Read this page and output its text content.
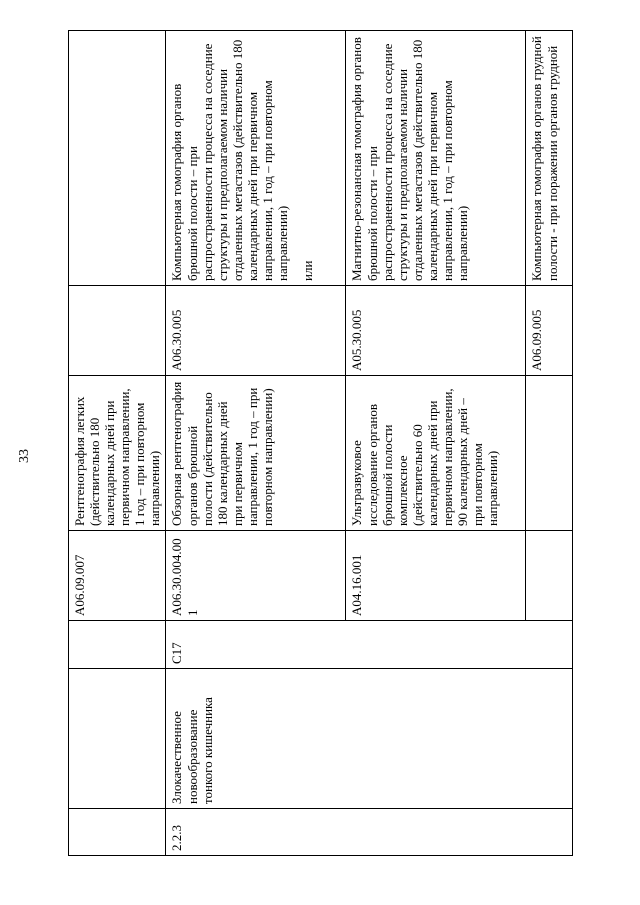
33
			A06.09.007	Рентгенография легких (действительно 180 календарных дней при первичном направлении, 1 год – при повторном направлении)		
2.2.3	Злокачественное новообразование тонкого кишечника	C17	A06.30.004.001	Обзорная рентгенография органов брюшной полости (действительно 180 календарных дней при первичном направлении, 1 год – при повторном направлении)	A06.30.005	Компьютерная томография органов брюшной полости – при распространенности процесса на соседние структуры и предполагаемом наличии отдаленных метастазов (действительно 180 календарных дней при первичном направлении, 1 год – при повторном направлении) или

			A04.16.001	Ультразвуковое исследование органов брюшной полости комплексное (действительно 60 календарных дней при первичном направлении, 90 календарных дней – при повторном направлении)	A05.30.005	Магнитно-резонансная томография органов брюшной полости – при распространенности процесса на соседние структуры и предполагаемом наличии отдаленных метастазов (действительно 180 календарных дней при первичном направлении, 1 год – при повторном направлении)
					A06.09.005	Компьютерная томография органов грудной полости - при поражении органов грудной
